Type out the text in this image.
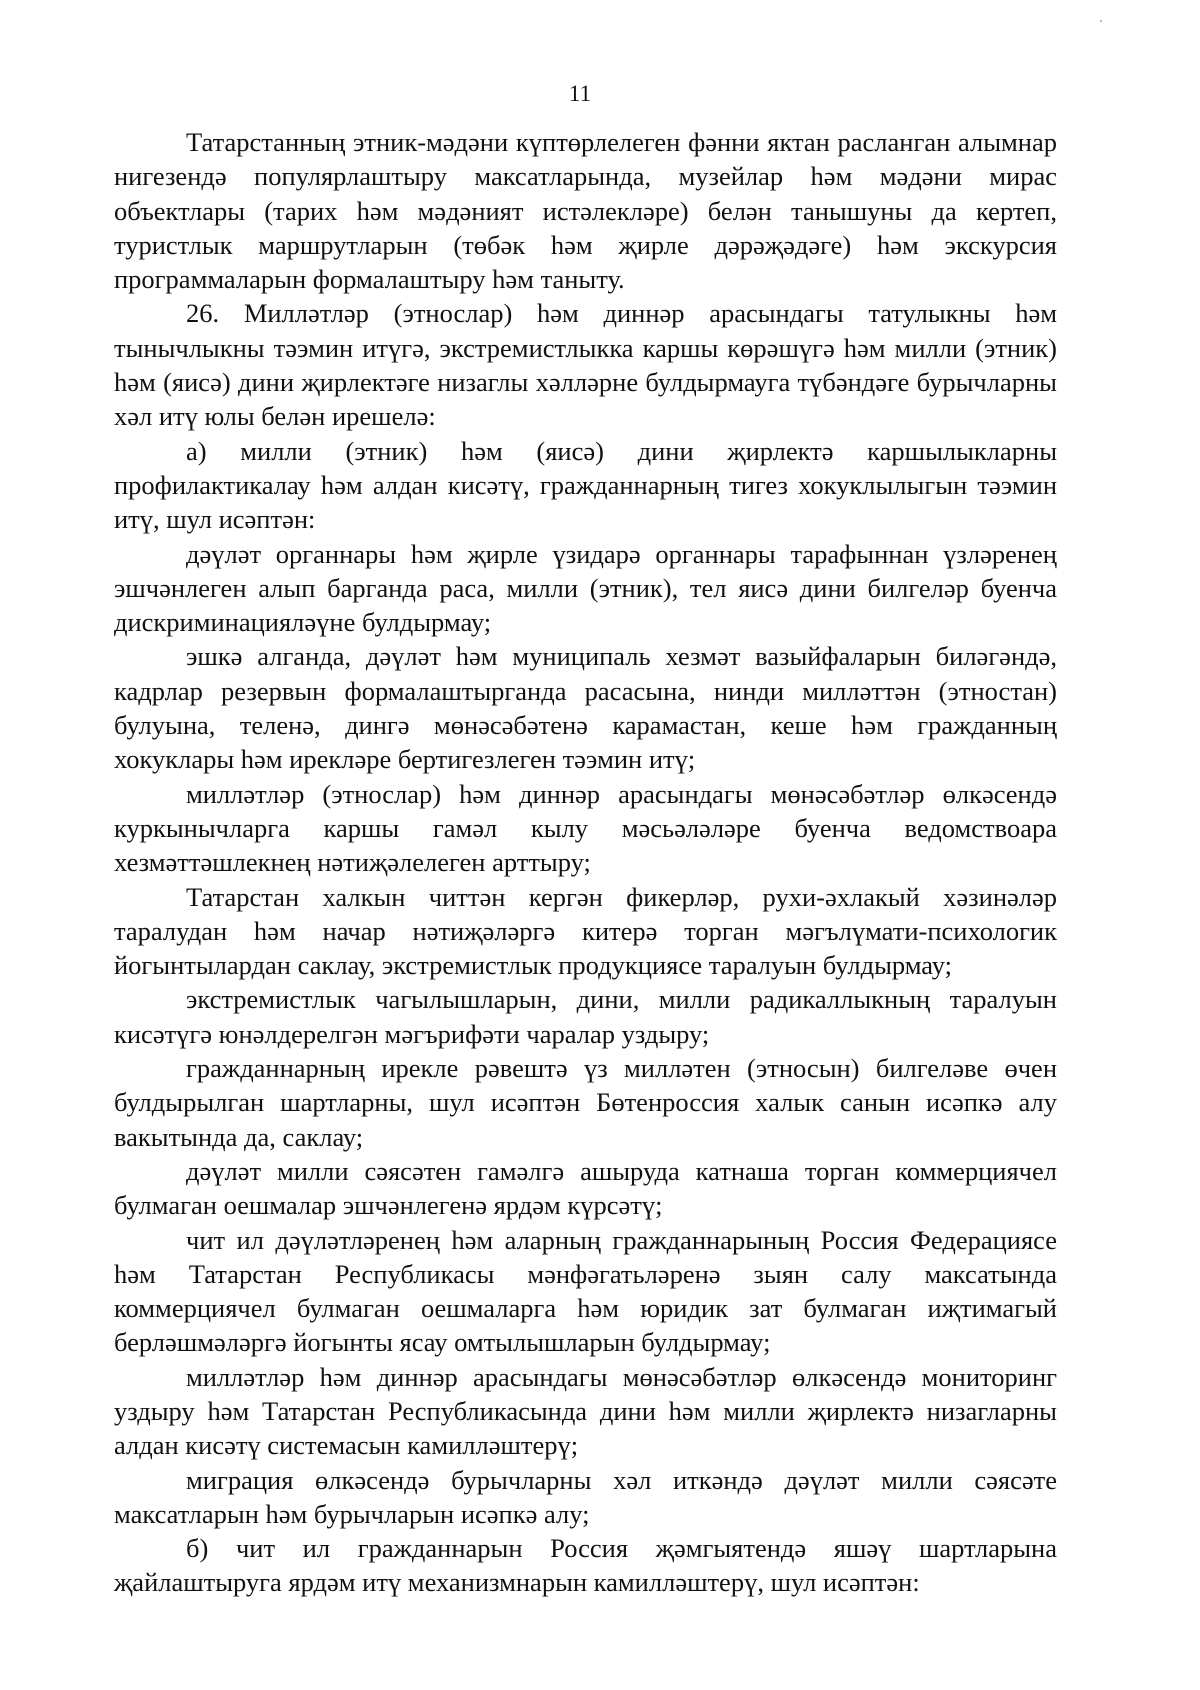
11

Татарстанның этник-мәдәни күптөрлелеген фәнни яктан расланган алымнар нигезендә популярлаштыру максатларында, музейлар һәм мәдәни мирас объектлары (тарих һәм мәдәният истәлекләре) белән танышуны да кертеп, туристлык маршрутларын (төбәк һәм җирле дәрәҗәдәге) һәм экскурсия программаларын формалаштыру һәм таныту.

26. Милләтләр (этнослар) һәм диннәр арасындагы татулыкны һәм тынычлыкны тәэмин итүгә, экстремистлыкка каршы көрәшүгә һәм милли (этник) һәм (яисә) дини җирлектәге низаглы хәлләрне булдырмауга түбәндәге бурычларны хәл итү юлы белән ирешелә:

а) милли (этник) һәм (яисә) дини җирлектә каршылыкларны профилактикалау һәм алдан кисәтү, гражданнарның тигез хокуклылыгын тәэмин итү, шул исәптән:

дәүләт органнары һәм җирле үзидарә органнары тарафыннан үзләренең эшчәнлеген алып барганда раса, милли (этник), тел яисә дини билгеләр буенча дискриминацияләүне булдырмау;

эшкә алганда, дәүләт һәм муниципаль хезмәт вазыйфаларын биләгәндә, кадрлар резервын формалаштырганда расасына, нинди милләттән (этностан) булуына, теленә, дингә мөнәсәбәтенә карамастан, кеше һәм гражданның хокуклары һәм ирекләре бертигезлеген тәэмин итү;

милләтләр (этнослар) һәм диннәр арасындагы мөнәсәбәтләр өлкәсендә куркынычларга каршы гамәл кылу мәсьәләләре буенча ведомствоара хезмәттәшлекнең нәтиҗәлелеген арттыру;

Татарстан халкын читтән кергән фикерләр, рухи-әхлакый хәзинәләр таралудан һәм начар нәтиҗәләргә китерә торган мәгълүмати-психологик йогынтылардан саклау, экстремистлык продукциясе таралуын булдырмау;

экстремистлык чагылышларын, дини, милли радикаллыкның таралуын кисәтүгә юнәлдерелгән мәгърифәти чаралар уздыру;

гражданнарның ирекле рәвештә үз милләтен (этносын) билгеләве өчен булдырылган шартларны, шул исәптән Бөтенроссия халык санын исәпкә алу вакытында да, саклау;

дәүләт милли сәясәтен гамәлгә ашыруда катнаша торган коммерциячел булмаган оешмалар эшчәнлегенә ярдәм күрсәтү;

чит ил дәүләтләренең һәм аларның гражданнарының Россия Федерациясе һәм Татарстан Республикасы мәнфәгатьләренә зыян салу максатында коммерциячел булмаган оешмаларга һәм юридик зат булмаган иҗтимагый берләшмәләргә йогынты ясау омтылышларын булдырмау;

милләтләр һәм диннәр арасындагы мөнәсәбәтләр өлкәсендә мониторинг уздыру һәм Татарстан Республикасында дини һәм милли җирлектә низагларны алдан кисәтү системасын камилләштерү;

миграция өлкәсендә бурычларны хәл иткәндә дәүләт милли сәясәте максатларын һәм бурычларын исәпкә алу;

б) чит ил гражданнарын Россия җәмгыятендә яшәү шартларына җайлаштыруга ярдәм итү механизмнарын камилләштерү, шул исәптән:
